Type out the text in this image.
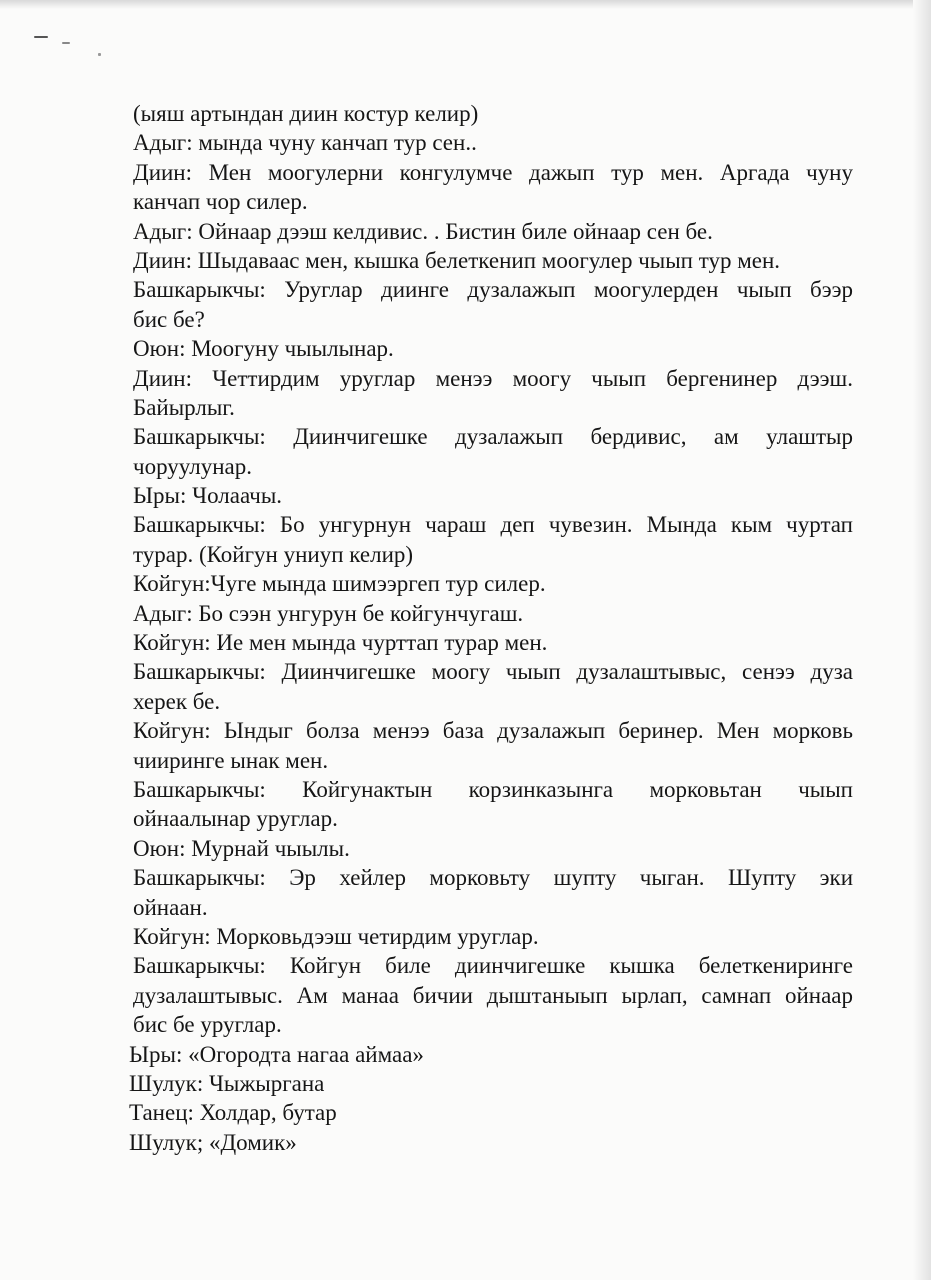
(ыяш артындан диин костур келир)
Адыг: мында чуну канчап тур сен..
Диин: Мен моогулерни конгулумче дажып тур мен. Аргада чуну
канчап чор силер.
Адыг: Ойнаар дээш келдивис. . Бистин биле ойнаар сен бе.
Диин: Шыдаваас мен, кышка белеткенип моогулер чыып тур мен.
Башкарыкчы: Уруглар диинге дузалажып моогулерден чыып бээр
бис бе?
Оюн: Моогуну чыылынар.
Диин: Четтирдим уруглар менээ моогу чыып бергенинер дээш.
Байырлыг.
Башкарыкчы: Диинчигешке дузалажып бердивис, ам улаштыр
чоруулунар.
Ыры: Чолаачы.
Башкарыкчы: Бо унгурнун чараш деп чувезин. Мында кым чуртап
турар. (Койгун униуп келир)
Койгун:Чуге мында шимээргеп тур силер.
Адыг: Бо сээн унгурун бе койгунчугаш.
Койгун: Ие мен мында чурттап турар мен.
Башкарыкчы: Диинчигешке моогу чыып дузалаштывыс, сенээ дуза
херек бе.
Койгун: Ындыг болза менээ база дузалажып беринер. Мен морковь
чииринге ынак мен.
Башкарыкчы: Койгунактын корзинказынга морковьтан чыып
ойнаалынар уруглар.
Оюн: Мурнай чыылы.
Башкарыкчы: Эр хейлер морковьту шупту чыган. Шупту эки
ойнаан.
Койгун: Морковьдээш четирдим уруглар.
Башкарыкчы: Койгун биле диинчигешке кышка белеткениринге
дузалаштывыс. Ам манаа бичии дыштаныып ырлап, самнап ойнаар
бис бе уруглар.
Ыры: «Огородта нагаа аймаа»
Шулук: Чыжыргана
Танец: Холдар, бутар
Шулук; «Домик»
